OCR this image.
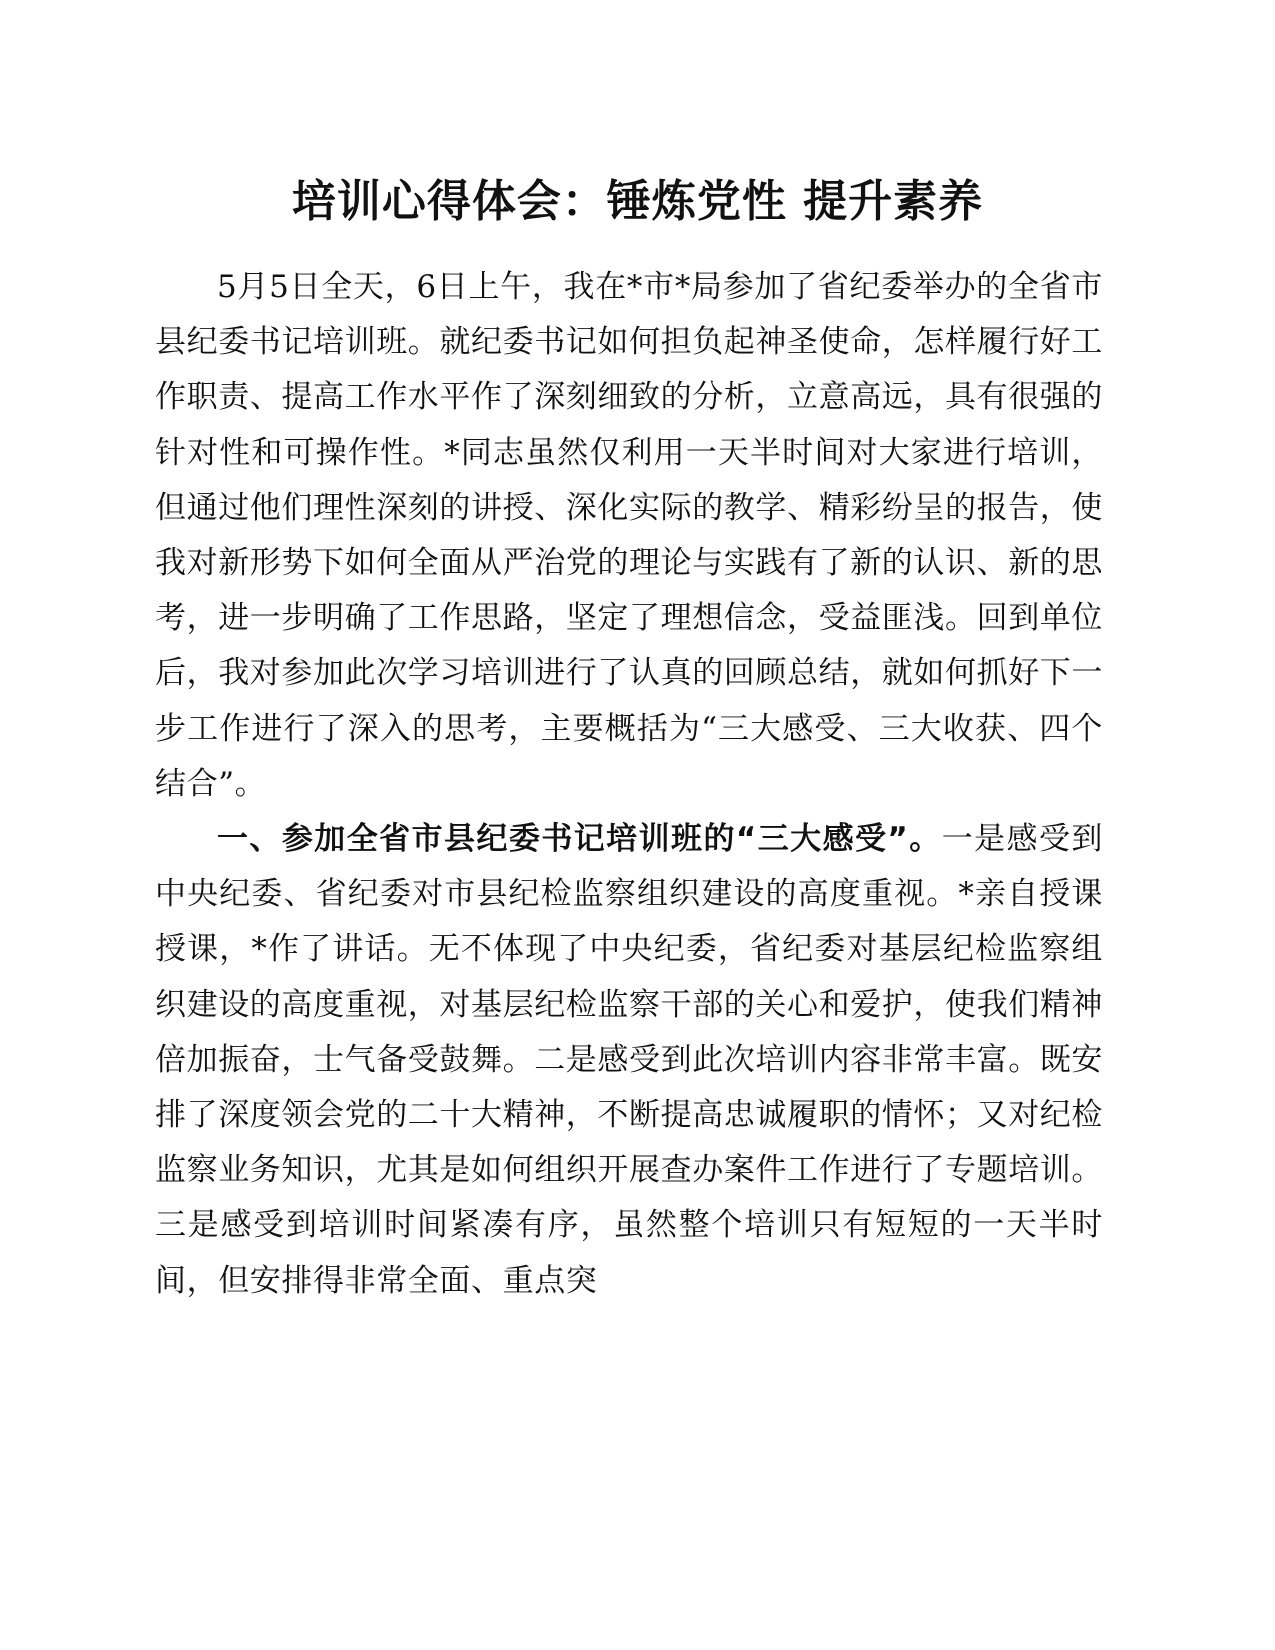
培训心得体会：锤炼党性 提升素养

5月5日全天，6日上午，我在*市*局参加了省纪委举办的全省市县纪委书记培训班。就纪委书记如何担负起神圣使命，怎样履行好工作职责、提高工作水平作了深刻细致的分析，立意高远，具有很强的针对性和可操作性。*同志虽然仅利用一天半时间对大家进行培训，但通过他们理性深刻的讲授、深化实际的教学、精彩纷呈的报告，使我对新形势下如何全面从严治党的理论与实践有了新的认识、新的思考，进一步明确了工作思路，坚定了理想信念，受益匪浅。回到单位后，我对参加此次学习培训进行了认真的回顾总结，就如何抓好下一步工作进行了深入的思考，主要概括为“三大感受、三大收获、四个结合”。

一、参加全省市县纪委书记培训班的“三大感受”。一是感受到中央纪委、省纪委对市县纪检监察组织建设的高度重视。*亲自授课授课，*作了讲话。无不体现了中央纪委，省纪委对基层纪检监察组织建设的高度重视，对基层纪检监察干部的关心和爱护，使我们精神倍加振奋，士气备受鼓舞。二是感受到此次培训内容非常丰富。既安排了深度领会党的二十大精神，不断提高忠诚履职的情怀；又对纪检监察业务知识，尤其是如何组织开展查办案件工作进行了专题培训。三是感受到培训时间紧凑有序，虽然整个培训只有短短的一天半时间，但安排得非常全面、重点突
